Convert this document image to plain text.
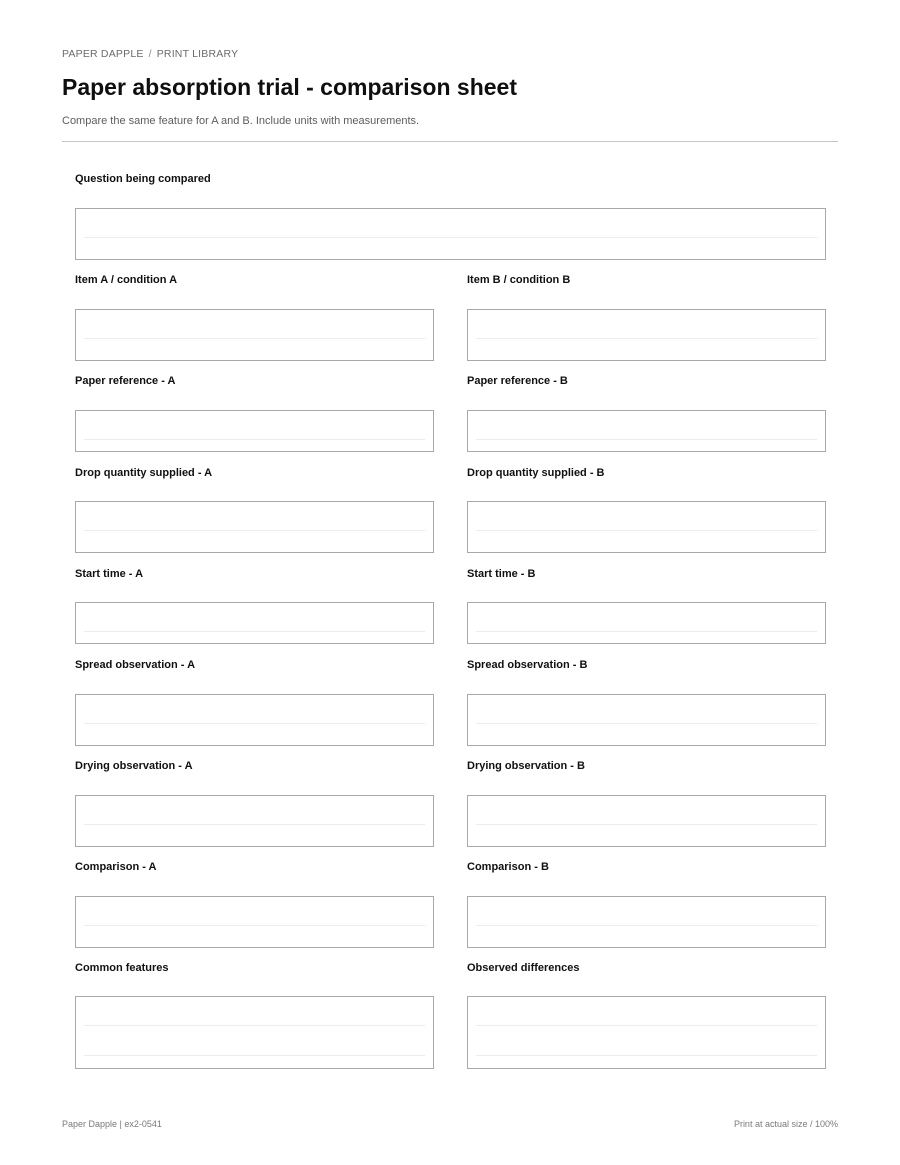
PAPER DAPPLE / PRINT LIBRARY
Paper absorption trial - comparison sheet

Compare the same feature for A and B. Include units with measurements.

Question being compared
Item A / condition A	Item B / condition B
Paper reference - A	Paper reference - B
Drop quantity supplied - A	Drop quantity supplied - B
Start time - A	Start time - B
Spread observation - A	Spread observation - B
Drying observation - A	Drying observation - B
Comparison - A	Comparison - B
Common features	Observed differences
Paper Dapple | ex2-0541	Print at actual size / 100%
